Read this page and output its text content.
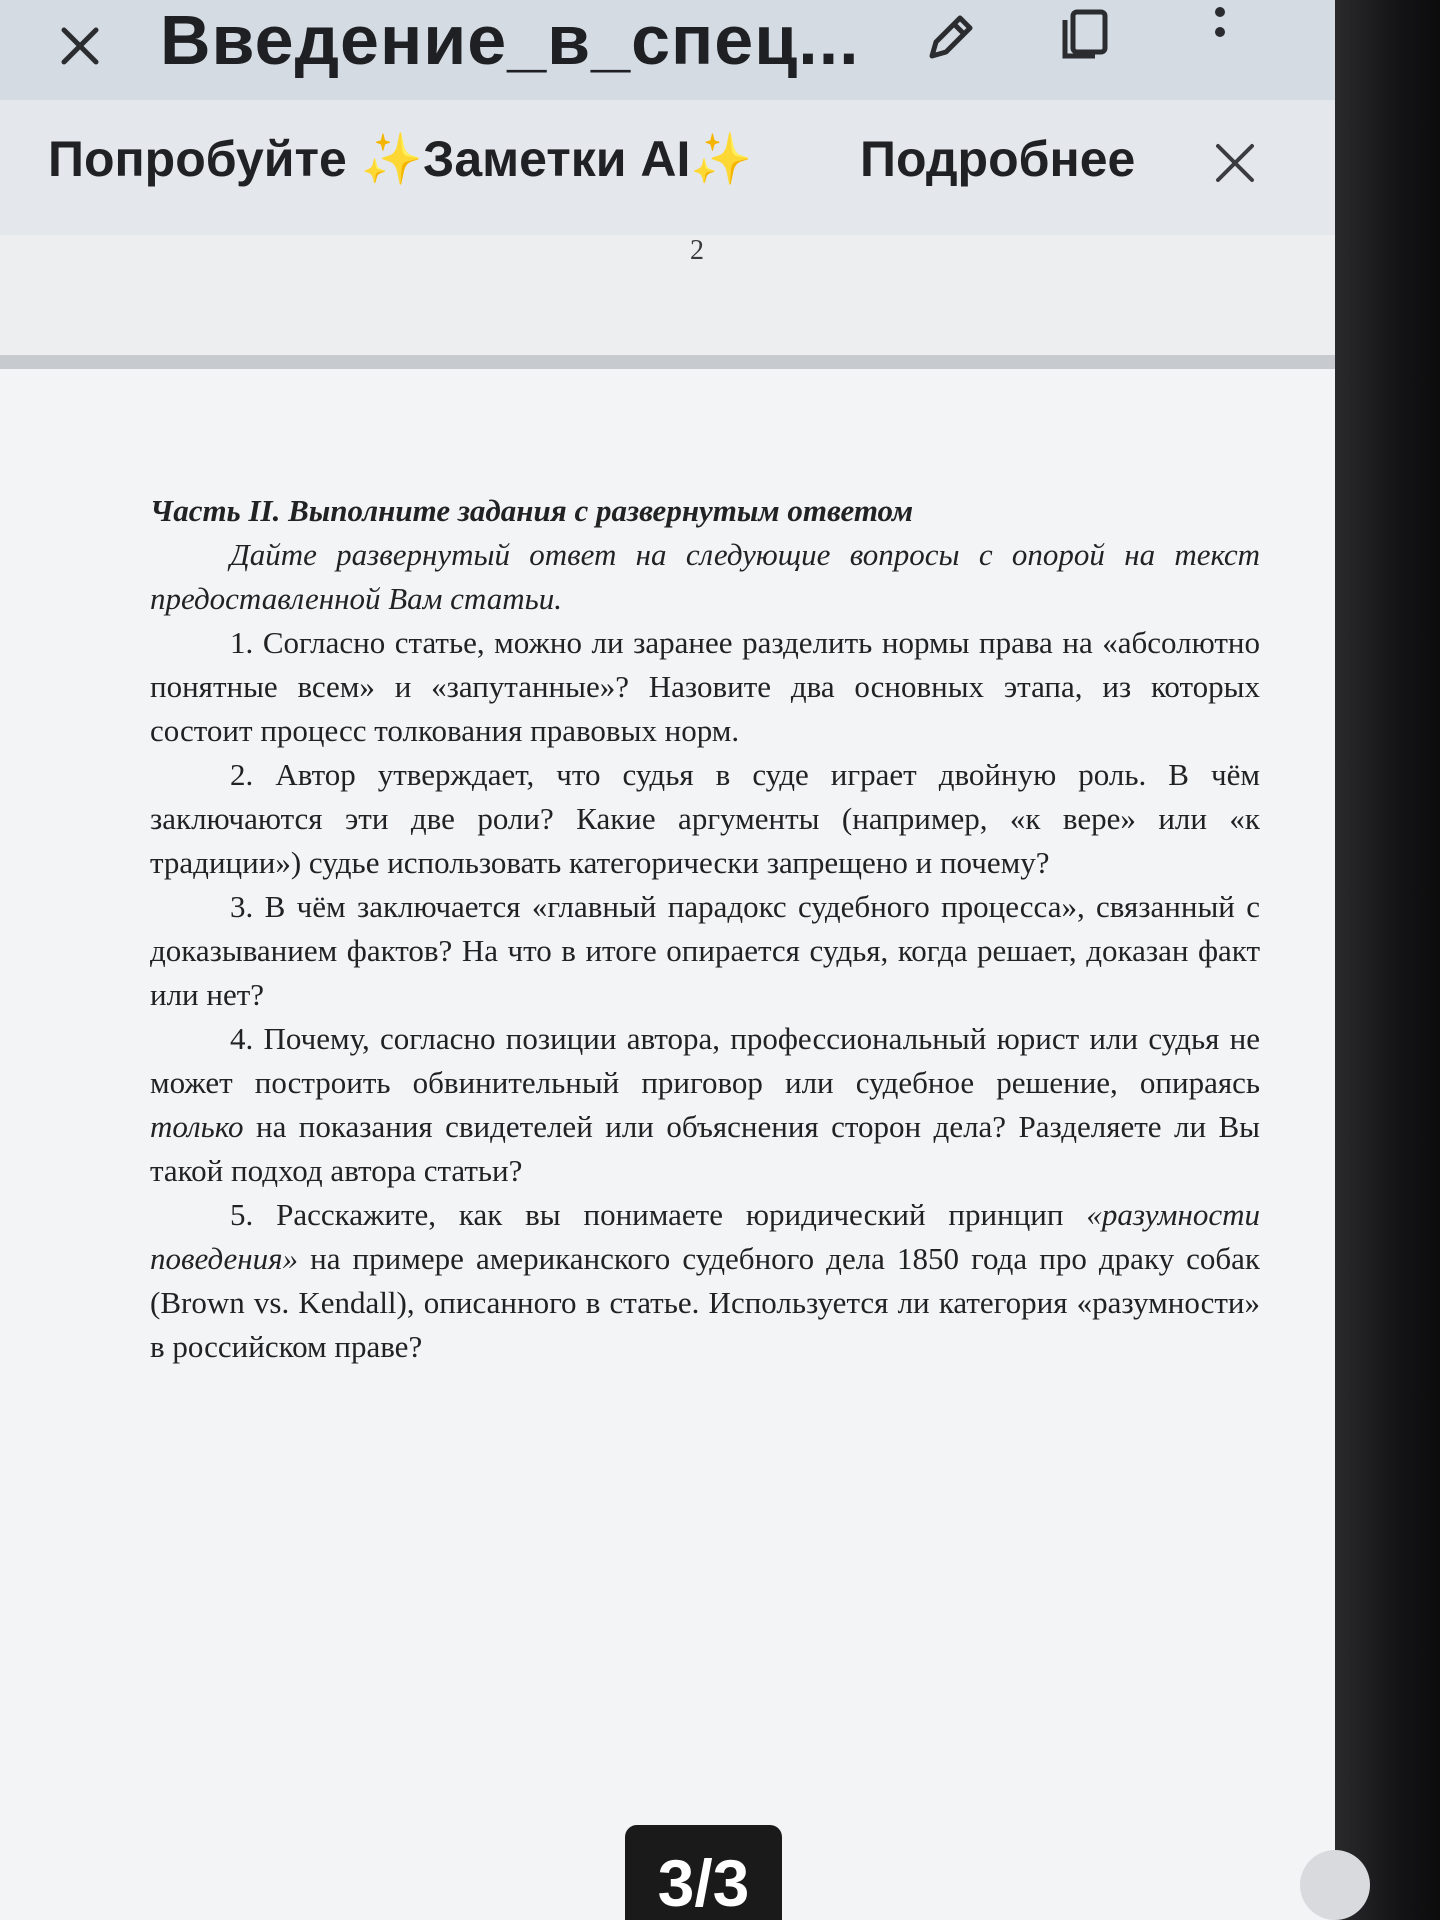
Введение_в_спец...
Попробуйте ✨Заметки AI✨ Подробнее
2

Часть II. Выполните задания с развернутым ответом

Дайте развернутый ответ на следующие вопросы с опорой на текст предоставленной Вам статьи.

1. Согласно статье, можно ли заранее разделить нормы права на «абсолютно понятные всем» и «запутанные»? Назовите два основных этапа, из которых состоит процесс толкования правовых норм.

2. Автор утверждает, что судья в суде играет двойную роль. В чём заключаются эти две роли? Какие аргументы (например, «к вере» или «к традиции») судье использовать категорически запрещено и почему?

3. В чём заключается «главный парадокс судебного процесса», связанный с доказыванием фактов? На что в итоге опирается судья, когда решает, доказан факт или нет?

4. Почему, согласно позиции автора, профессиональный юрист или судья не может построить обвинительный приговор или судебное решение, опираясь только на показания свидетелей или объяснения сторон дела? Разделяете ли Вы такой подход автора статьи?

5. Расскажите, как вы понимаете юридический принцип «разумности поведения» на примере американского судебного дела 1850 года про драку собак (Brown vs. Kendall), описанного в статье. Используется ли категория «разумности» в российском праве?

3/3
